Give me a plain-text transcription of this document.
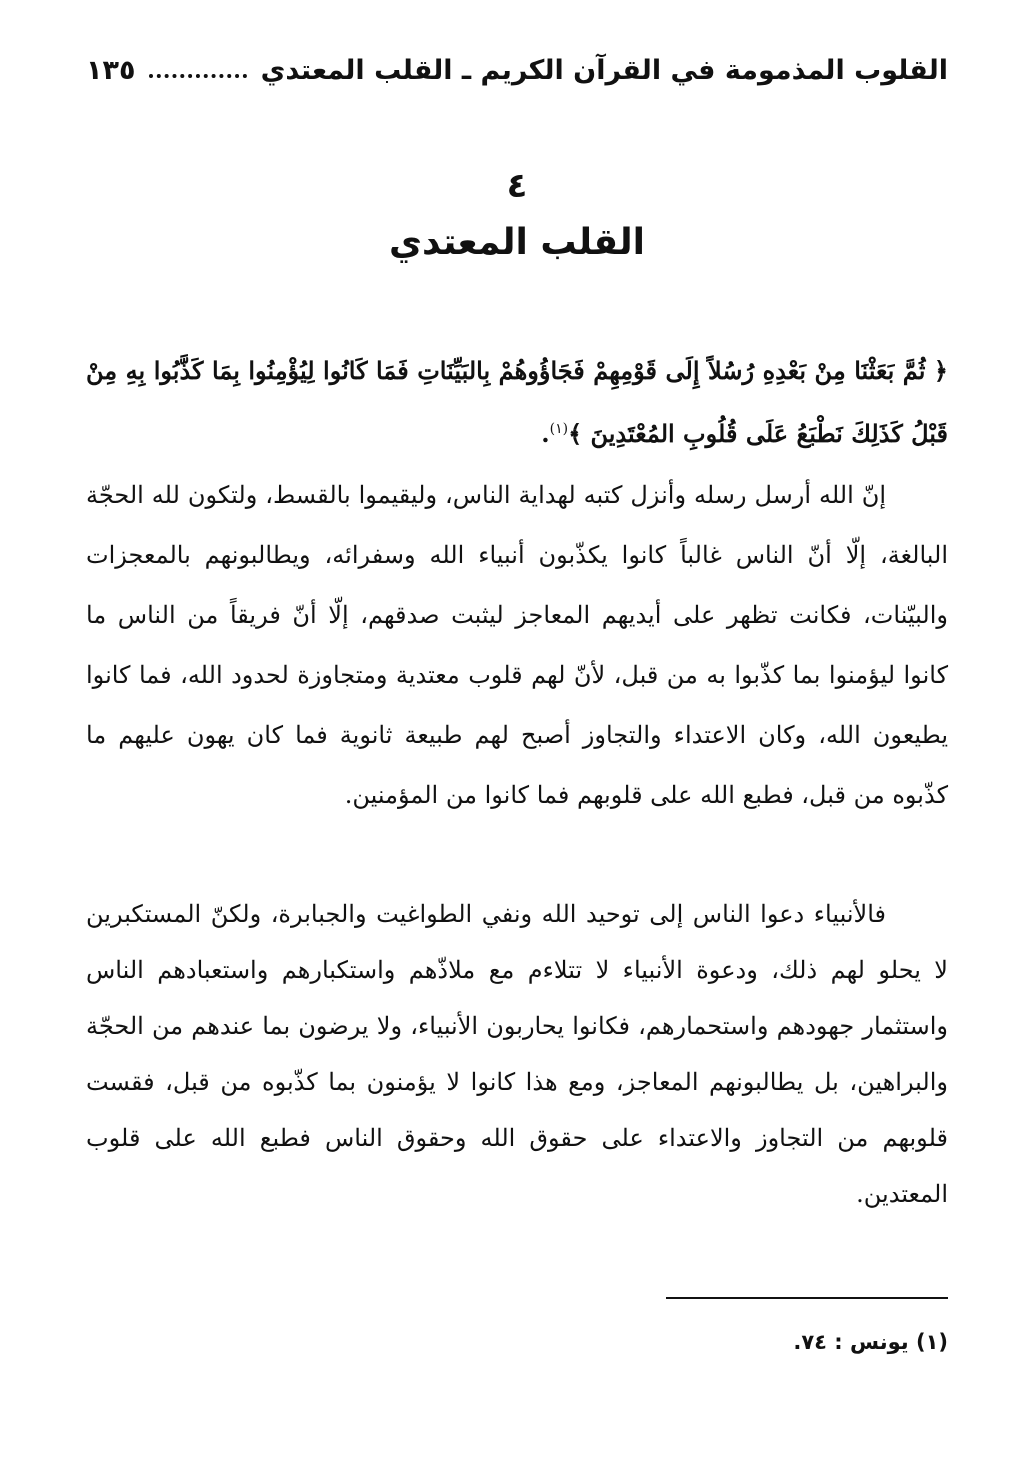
القلوب المذمومة في القرآن الكريم ـ القلب المعتدي
١٣٥
٤
القلب المعتدي
﴿ ثُمَّ بَعَثْنَا مِنْ بَعْدِهِ رُسُلاً إِلَى قَوْمِهِمْ فَجَاؤُوهُمْ بِالبَيِّنَاتِ فَمَا كَانُوا لِيُؤْمِنُوا بِمَا كَذَّبُوا بِهِ مِنْ قَبْلُ كَذَلِكَ نَطْبَعُ عَلَى قُلُوبِ المُعْتَدِينَ ﴾$^{(١)}$.

إنّ الله أرسل رسله وأنزل كتبه لهداية الناس، وليقيموا بالقسط، ولتكون لله الحجّة البالغة، إلّا أنّ الناس غالباً كانوا يكذّبون أنبياء الله وسفرائه، ويطالبونهم بالمعجزات والبيّنات، فكانت تظهر على أيديهم المعاجز ليثبت صدقهم، إلّا أنّ فريقاً من الناس ما كانوا ليؤمنوا بما كذّبوا به من قبل، لأنّ لهم قلوب معتدية ومتجاوزة لحدود الله، فما كانوا يطيعون الله، وكان الاعتداء والتجاوز أصبح لهم طبيعة ثانوية فما كان يهون عليهم ما كذّبوه من قبل، فطبع الله على قلوبهم فما كانوا من المؤمنين.

فالأنبياء دعوا الناس إلى توحيد الله ونفي الطواغيت والجبابرة، ولكنّ المستكبرين لا يحلو لهم ذلك، ودعوة الأنبياء لا تتلاءم مع ملاذّهم واستكبارهم واستعبادهم الناس واستثمار جهودهم واستحمارهم، فكانوا يحاربون الأنبياء، ولا يرضون بما عندهم من الحجّة والبراهين، بل يطالبونهم المعاجز، ومع هذا كانوا لا يؤمنون بما كذّبوه من قبل، فقست قلوبهم من التجاوز والاعتداء على حقوق الله وحقوق الناس فطبع الله على قلوب المعتدين.

(١) يونس : ٧٤.
